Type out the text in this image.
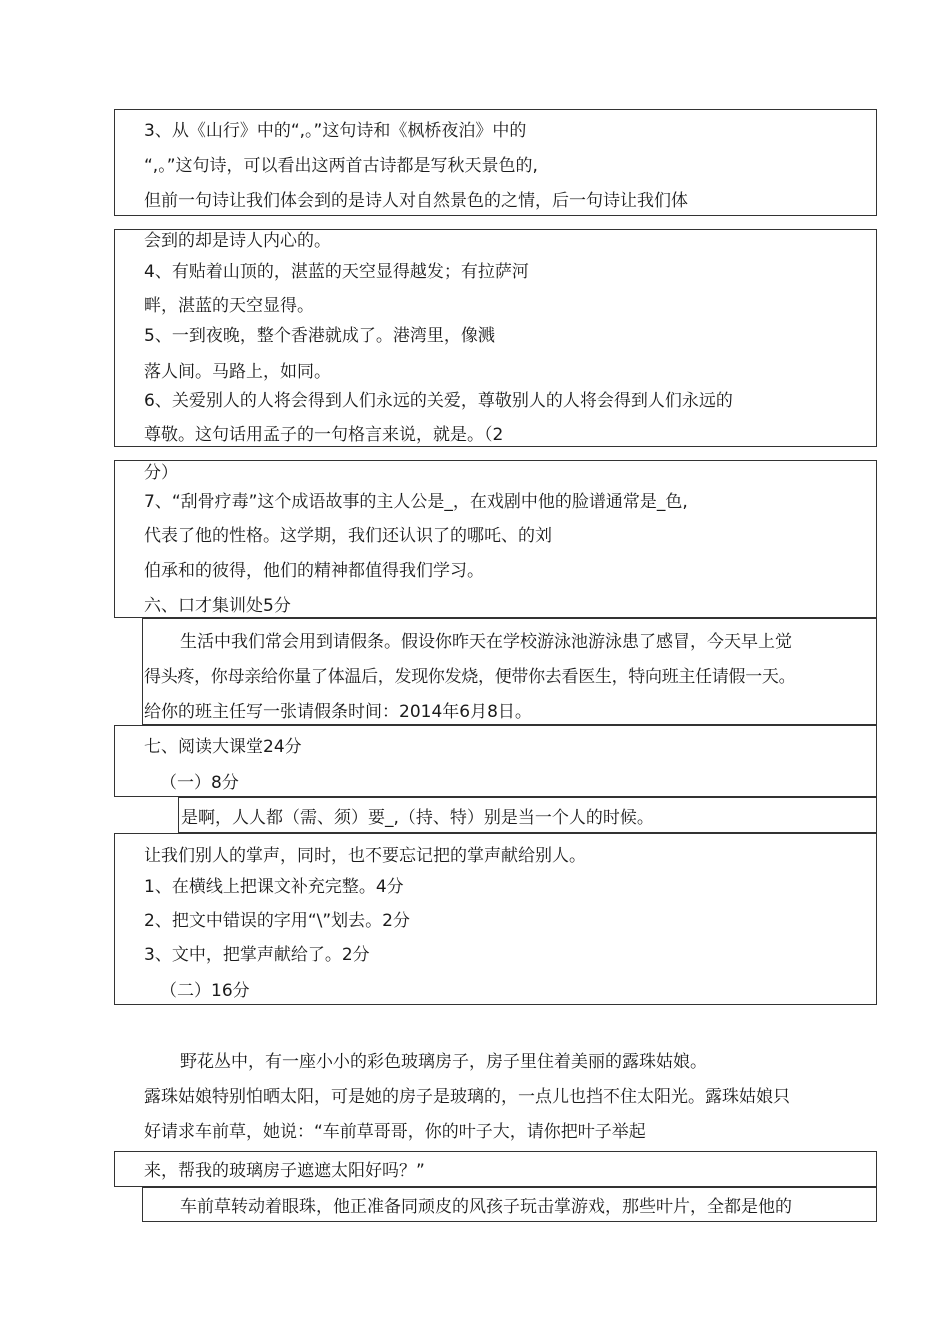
3、从《山行》中的“,。”这句诗和《枫桥夜泊》中的
“,。”这句诗，可以看出这两首古诗都是写秋天景色的,
但前一句诗让我们体会到的是诗人对自然景色的之情，后一句诗让我们体
会到的却是诗人内心的。
4、有贴着山顶的，湛蓝的天空显得越发；有拉萨河
畔，湛蓝的天空显得。
5、一到夜晚，整个香港就成了。港湾里，像溅
落人间。马路上，如同。
6、关爱别人的人将会得到人们永远的关爱，尊敬别人的人将会得到人们永远的
尊敬。这句话用孟子的一句格言来说，就是。（2
分）
7、“刮骨疗毒”这个成语故事的主人公是_，在戏剧中他的脸谱通常是_色,
代表了他的性格。这学期，我们还认识了的哪吒、的刘
伯承和的彼得，他们的精神都值得我们学习。
六、口才集训处5分
生活中我们常会用到请假条。假设你昨天在学校游泳池游泳患了感冒，今天早上觉
得头疼，你母亲给你量了体温后，发现你发烧，便带你去看医生，特向班主任请假一天。
给你的班主任写一张请假条时间：2014年6月8日。
七、阅读大课堂24分
（一）8分
是啊，人人都（需、须）要_,（持、特）别是当一个人的时候。
让我们别人的掌声，同时，也不要忘记把的掌声献给别人。
1、在横线上把课文补充完整。4分
2、把文中错误的字用“\”划去。2分
3、文中，把掌声献给了。2分
（二）16分
野花丛中，有一座小小的彩色玻璃房子，房子里住着美丽的露珠姑娘。
露珠姑娘特别怕晒太阳，可是她的房子是玻璃的，一点儿也挡不住太阳光。露珠姑娘只
好请求车前草，她说：“车前草哥哥，你的叶子大，请你把叶子举起
来，帮我的玻璃房子遮遮太阳好吗？”
车前草转动着眼珠，他正准备同顽皮的风孩子玩击掌游戏，那些叶片，全都是他的
